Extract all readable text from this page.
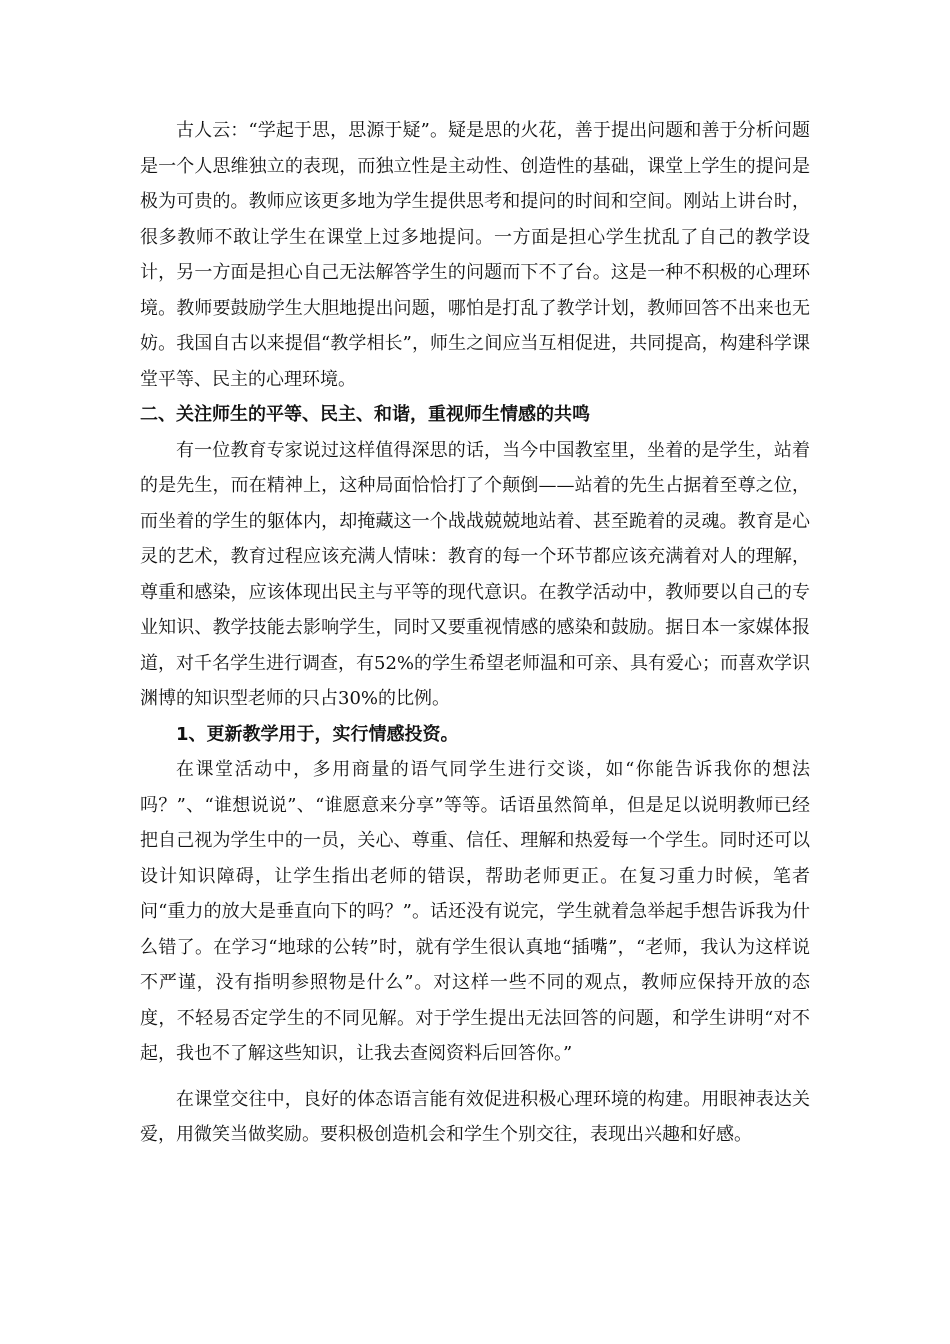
古人云：“学起于思，思源于疑”。疑是思的火花，善于提出问题和善于分析问题是一个人思维独立的表现，而独立性是主动性、创造性的基础，课堂上学生的提问是极为可贵的。教师应该更多地为学生提供思考和提问的时间和空间。刚站上讲台时，很多教师不敢让学生在课堂上过多地提问。一方面是担心学生扰乱了自己的教学设计，另一方面是担心自己无法解答学生的问题而下不了台。这是一种不积极的心理环境。教师要鼓励学生大胆地提出问题，哪怕是打乱了教学计划，教师回答不出来也无妨。我国自古以来提倡“教学相长”，师生之间应当互相促进，共同提高，构建科学课堂平等、民主的心理环境。

二、关注师生的平等、民主、和谐，重视师生情感的共鸣

有一位教育专家说过这样值得深思的话，当今中国教室里，坐着的是学生，站着的是先生，而在精神上，这种局面恰恰打了个颠倒——站着的先生占据着至尊之位，而坐着的学生的躯体内，却掩藏这一个战战兢兢地站着、甚至跪着的灵魂。教育是心灵的艺术，教育过程应该充满人情味：教育的每一个环节都应该充满着对人的理解，尊重和感染，应该体现出民主与平等的现代意识。在教学活动中，教师要以自己的专业知识、教学技能去影响学生，同时又要重视情感的感染和鼓励。据日本一家媒体报道，对千名学生进行调查，有52%的学生希望老师温和可亲、具有爱心；而喜欢学识渊博的知识型老师的只占30%的比例。

1、更新教学用于，实行情感投资。

在课堂活动中，多用商量的语气同学生进行交谈，如“你能告诉我你的想法吗？”、“谁想说说”、“谁愿意来分享”等等。话语虽然简单，但是足以说明教师已经把自己视为学生中的一员，关心、尊重、信任、理解和热爱每一个学生。同时还可以设计知识障碍，让学生指出老师的错误，帮助老师更正。在复习重力时候，笔者问“重力的放大是垂直向下的吗？”。话还没有说完，学生就着急举起手想告诉我为什么错了。在学习“地球的公转”时，就有学生很认真地“插嘴”，“老师，我认为这样说不严谨，没有指明参照物是什么”。对这样一些不同的观点，教师应保持开放的态度，不轻易否定学生的不同见解。对于学生提出无法回答的问题，和学生讲明“对不起，我也不了解这些知识，让我去查阅资料后回答你。”

在课堂交往中，良好的体态语言能有效促进积极心理环境的构建。用眼神表达关爱，用微笑当做奖励。要积极创造机会和学生个别交往，表现出兴趣和好感。
